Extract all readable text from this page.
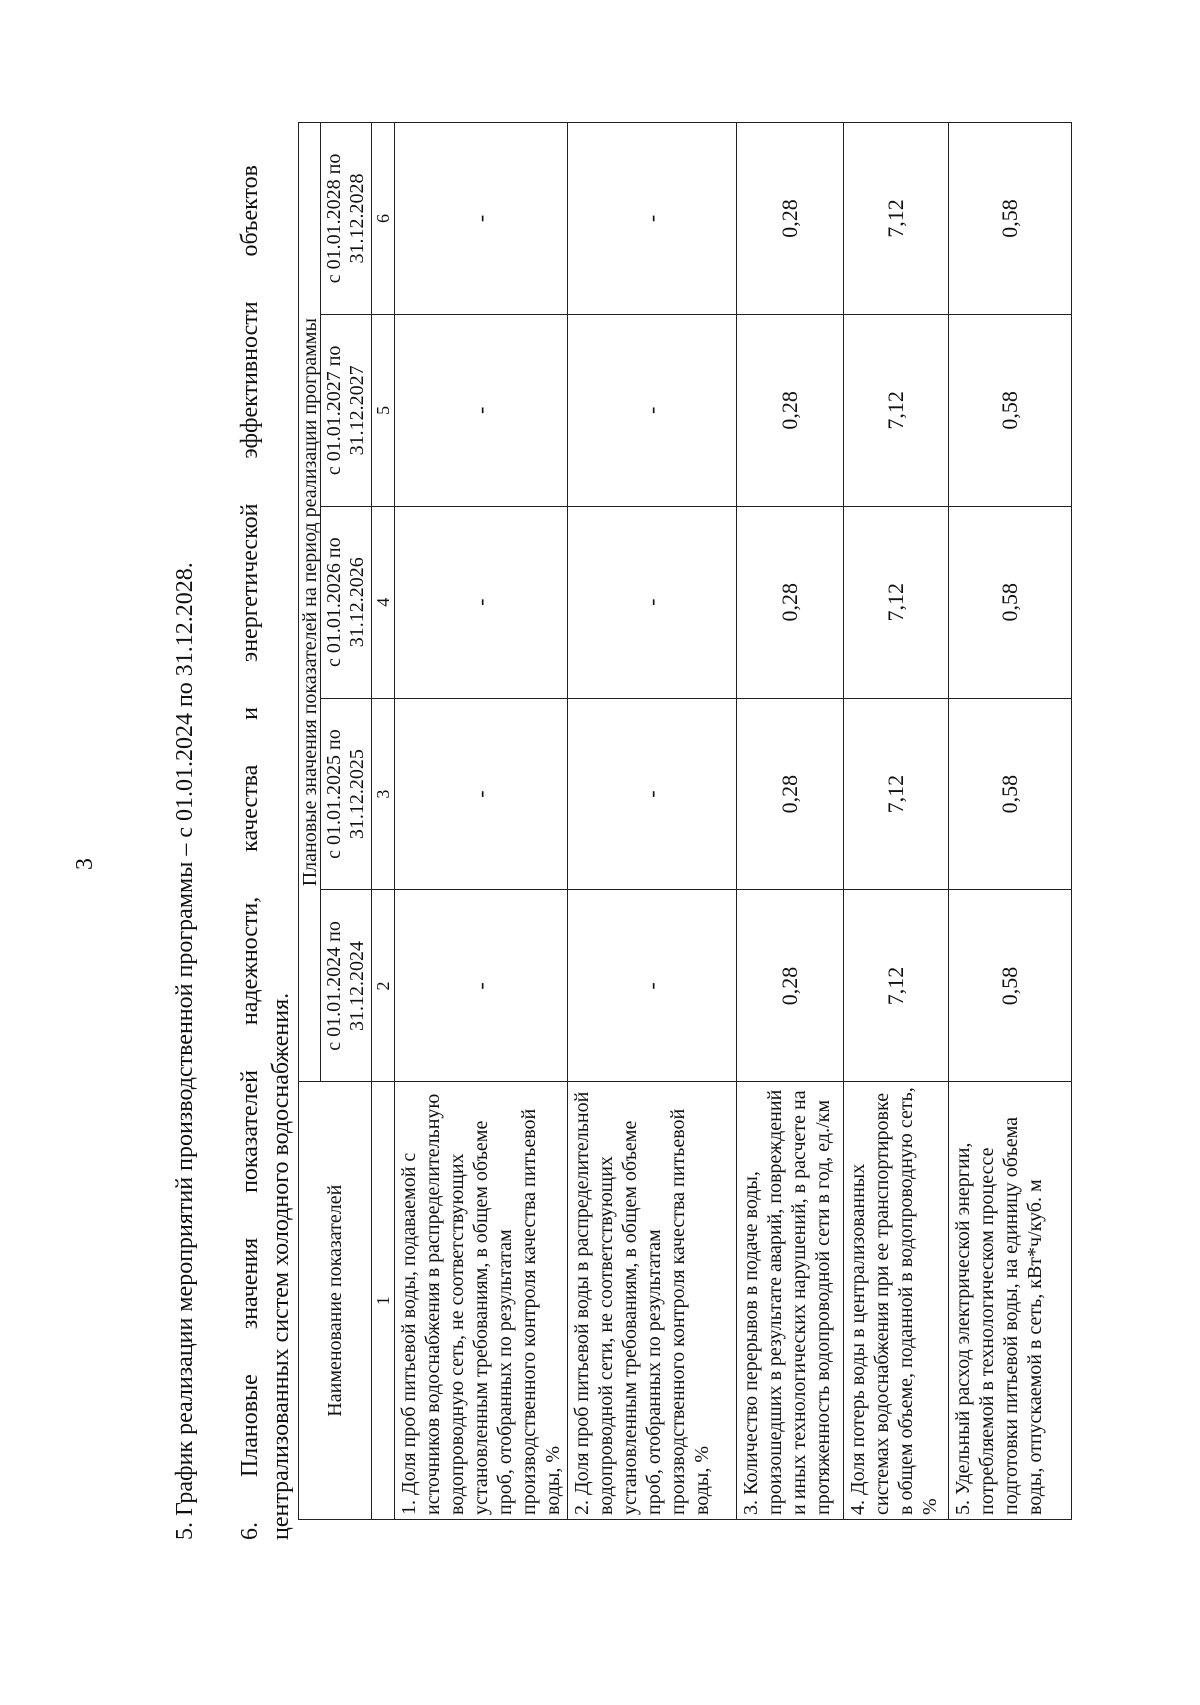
3	5. График реализации мероприятий производственной программы – с 01.01.2024 по 31.12.2028. 6. Плановые значения показателей надежности, качества и энергетической эффективности объектов централизованных систем холодного водоснабжения. Наименование показателей	Плановые значения показателей на период реализации программы				
	с 01.01.2024 по 31.12.2024	с 01.01.2025 по 31.12.2025	с 01.01.2026 по 31.12.2026	с 01.01.2027 по 31.12.2027	с 01.01.2028 по 31.12.2028
1	2	3	4	5	6
1. Доля проб питьевой воды, подаваемой с источников водоснабжения в распределительную водопроводную сеть, не соответствующих установленным требованиям, в общем объеме проб, отобранных по результатам производственного контроля качества питьевой воды, %	-	-	-	-	-
2. Доля проб питьевой воды в распределительной водопроводной сети, не соответствующих установленным требованиям, в общем объеме проб, отобранных по результатам производственного контроля качества питьевой воды, %	-	-	-	-	-
3. Количество перерывов в подаче воды, произошедших в результате аварий, повреждений и иных технологических нарушений, в расчете на протяженность водопроводной сети в год, ед./км	0,28	0,28	0,28	0,28	0,28
4. Доля потерь воды в централизованных системах водоснабжения при ее транспортировке в общем объеме, поданной в водопроводную сеть, %	7,12	7,12	7,12	7,12	7,12
5. Удельный расход электрической энергии, потребляемой в технологическом процессе подготовки питьевой воды, на единицу объема воды, отпускаемой в сеть, кВт*ч/куб. м	0,58	0,58	0,58	0,58	0,58
